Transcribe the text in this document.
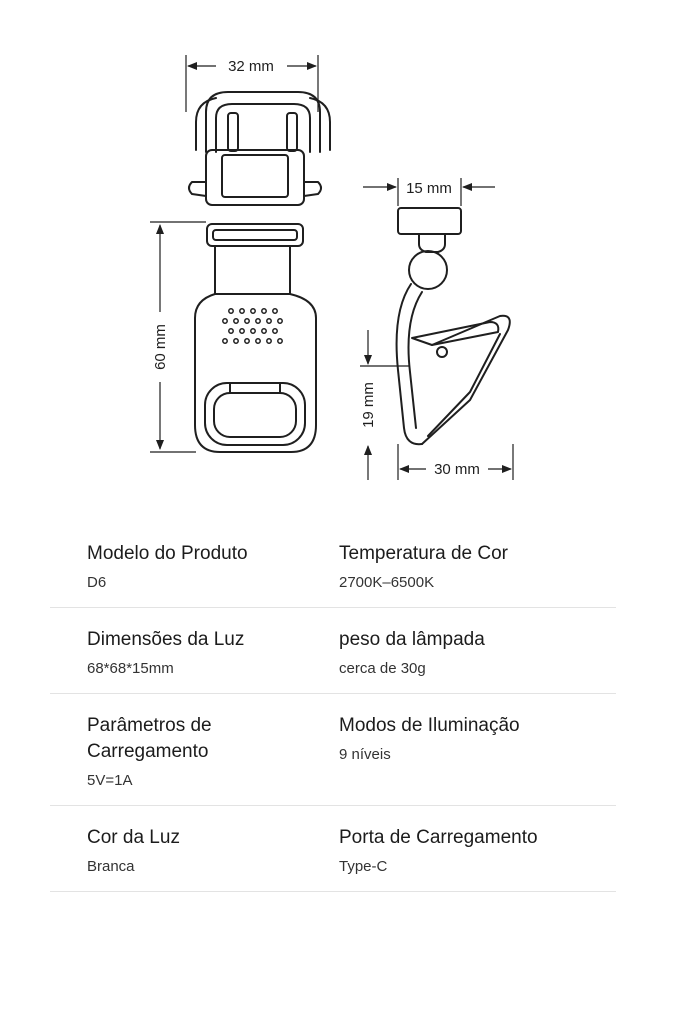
32 mm
15 mm
60 mm
19 mm
30 mm
Modelo do Produto
D6
Temperatura de Cor
2700K–6500K
Dimensões da Luz
68*68*15mm
peso da lâmpada
cerca de 30g
Parâmetros de Carregamento
5V=1A
Modos de Iluminação
9 níveis
Cor da Luz
Branca
Porta de Carregamento
Type-C
